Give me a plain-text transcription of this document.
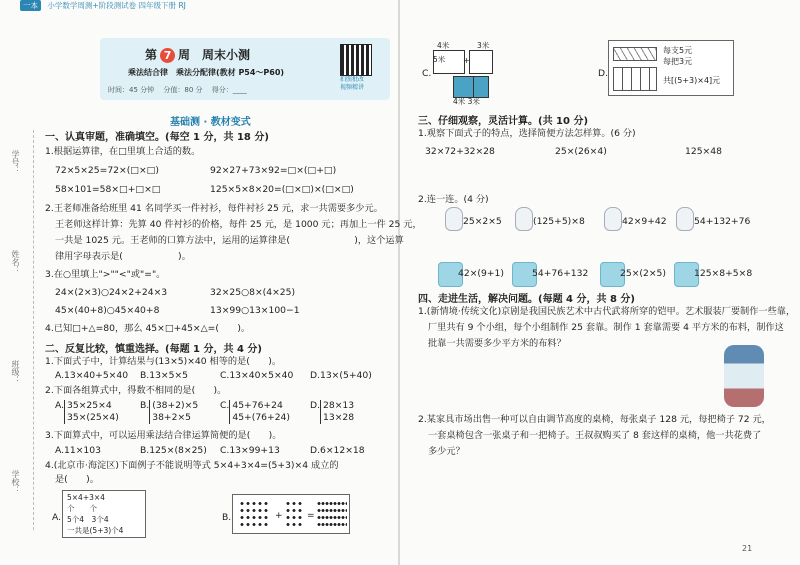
一本 小学数学周测+阶段测试卷 四年级下册 RJ
第 7 周　周末小测
乘法结合律　乘法分配律(教材 P54～P60)
时间：45 分钟　 分值：80 分　 得分：____
拍照批改
视频精讲
基础测 · 教材变式
学号：
姓名：
班级：
学校：
一、认真审题，准确填空。(每空 1 分，共 18 分)
1.根据运算律，在□里填上合适的数。
72×5×25=72×(□×□)	92×27+73×92=□×(□+□)
58×101=58×□+□×□	125×5×8×20=(□×□)×(□×□)
2.王老师准备给班里 41 名同学买一件衬衫，每件衬衫 25 元，求一共需要多少元。
王老师这样计算：先算 40 件衬衫的价格，每件 25 元，是 1000 元；再加上一件 25 元，
一共是 1025 元。王老师的口算方法中，运用的运算律是(　　　　　　　)，这个运算
律用字母表示是(　　　　　　)。
3.在○里填上">""<"或"="。
24×(2×3)○24×2+24×3	32×25○8×(4×25)
45×(40+8)○45×40+8	13×99○13×100−1
4.已知□+△=80，那么 45×□+45×△=(　　)。
二、反复比较，慎重选择。(每题 1 分，共 4 分)
1.下面式子中，计算结果与(13×5)×40 相等的是(　　)。
A.13×40+5×40 B.13×5×5	C.13×40×5×40 D.13×(5+40)
2.下面各组算式中，得数不相同的是(　　)。
A. 35×25×4
35×(25×4)
B. (38+2)×5
38+2×5
C. 45+76+24
45+(76+24)
D. 28×13
13×28
3.下面算式中，可以运用乘法结合律运算简便的是(　　)。
A.11×103	B.125×(8×25) C.13×99+13	D.6×12×18
4.(北京市·海淀区)下面例子不能说明等式 5×4+3×4=(5+3)×4 成立的
是(　　)。
A.
5×4+3×4
个　　个
5个4　3个4
一共是(5+3)个4
B.	+	=
C.
4米	3米
+
5米
4米 3米
D.
每支5元
每把3元
共[(5+3)×4]元
三、仔细观察，灵活计算。(共 10 分)
1.观察下面式子的特点，选择简便方法怎样算。(6 分)
32×72+32×28	25×(26×4)	125×48
2.连一连。(4 分)
25×2×5	(125+5)×8	42×9+42	54+132+76
42×(9+1)	54+76+132	25×(2×5)	125×8+5×8
四、走进生活，解决问题。(每题 4 分，共 8 分)
1.(新情境·传统文化)京剧是我国民族艺术中古代武将所穿的铠甲。艺术服装厂要制作一些靠，
厂里共有 9 个小组，每个小组制作 25 套靠。制作 1 套靠需要 4 平方米的布料，制作这
批靠一共需要多少平方米的布料？
2.某家具市场出售一种可以自由调节高度的桌椅，每张桌子 128 元，每把椅子 72 元，
一套桌椅包含一张桌子和一把椅子。王叔叔购买了 8 套这样的桌椅，他一共花费了
多少元？
21
